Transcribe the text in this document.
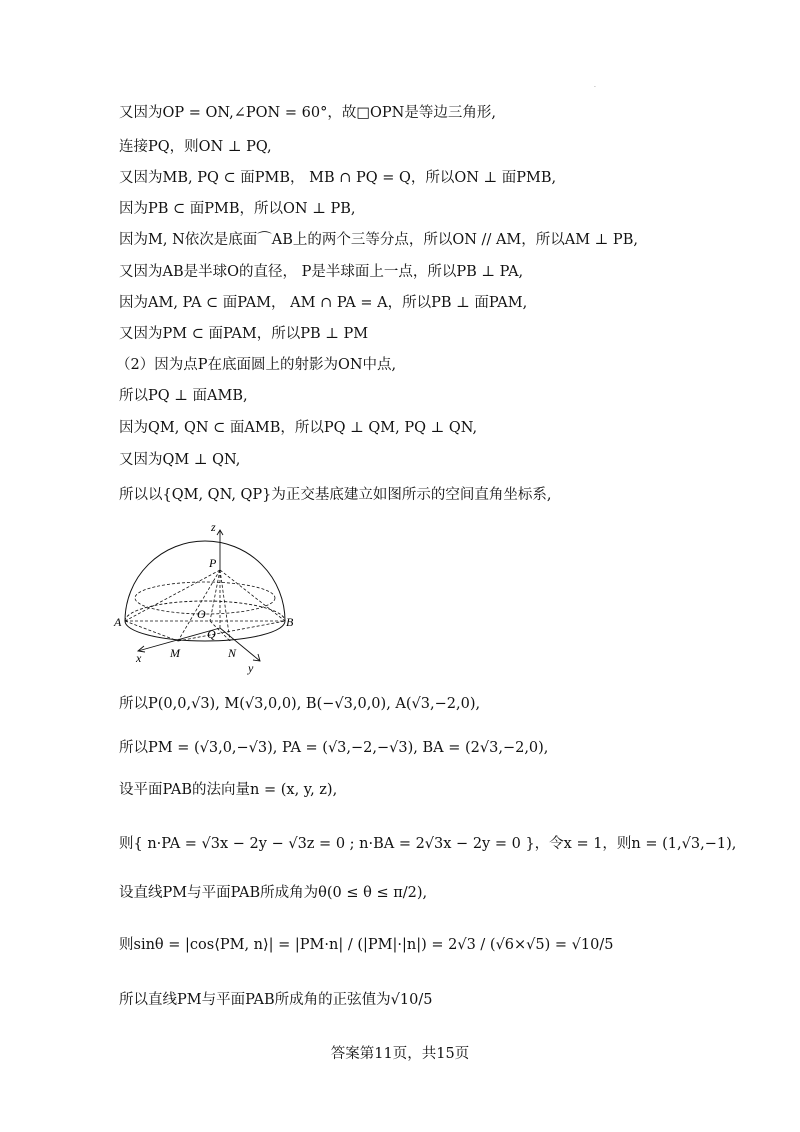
·
又因为OP = ON,∠PON = 60°，故□OPN是等边三角形,
连接PQ，则ON ⊥ PQ,
又因为MB, PQ ⊂ 面PMB， MB ∩ PQ = Q，所以ON ⊥ 面PMB,
因为PB ⊂ 面PMB，所以ON ⊥ PB,
因为M, N依次是底面⌒AB上的两个三等分点，所以ON // AM，所以AM ⊥ PB,
又因为AB是半球O的直径， P是半球面上一点，所以PB ⊥ PA,
因为AM, PA ⊂ 面PAM， AM ∩ PA = A，所以PB ⊥ 面PAM,
又因为PM ⊂ 面PAM，所以PB ⊥ PM
（2）因为点P在底面圆上的射影为ON中点,
所以PQ ⊥ 面AMB,
因为QM, QN ⊂ 面AMB，所以PQ ⊥ QM, PQ ⊥ QN,
又因为QM ⊥ QN,
所以以{QM, QN, QP}为正交基底建立如图所示的空间直角坐标系,
z
P
O
Q
A	B
M	N
x
y
所以P(0,0,√3), M(√3,0,0), B(−√3,0,0), A(√3,−2,0),
所以PM = (√3,0,−√3), PA = (√3,−2,−√3), BA = (2√3,−2,0),
设平面PAB的法向量n = (x, y, z),
则{ n·PA = √3x − 2y − √3z = 0 ; n·BA = 2√3x − 2y = 0 }，令x = 1，则n = (1,√3,−1),
设直线PM与平面PAB所成角为θ(0 ≤ θ ≤ π/2),
则sinθ = |cos⟨PM, n⟩| = |PM·n| / (|PM|·|n|) = 2√3 / (√6×√5) = √10/5
所以直线PM与平面PAB所成角的正弦值为√10/5
答案第11页，共15页
